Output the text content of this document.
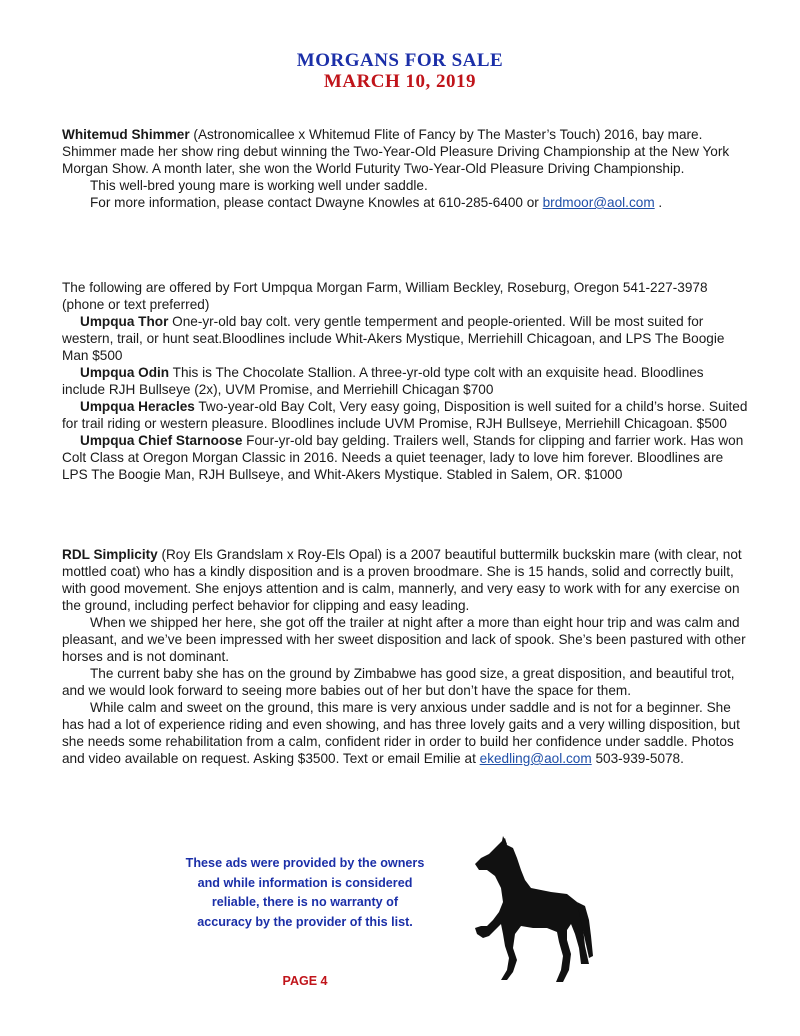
MORGANS FOR SALE
MARCH 10, 2019

Whitemud Shimmer (Astronomicallee x Whitemud Flite of Fancy by The Master’s Touch) 2016, bay mare. Shimmer made her show ring debut winning the Two-Year-Old Pleasure Driving Championship at the New York Morgan Show. A month later, she won the World Futurity Two-Year-Old Pleasure Driving Championship.

This well-bred young mare is working well under saddle.

For more information, please contact Dwayne Knowles at 610-285-6400 or brdmoor@aol.com .

The following are offered by Fort Umpqua Morgan Farm, William Beckley, Roseburg, Oregon 541-227-3978 (phone or text preferred)

Umpqua Thor One-yr-old bay colt. very gentle temperment and people-oriented. Will be most suited for western, trail, or hunt seat.Bloodlines include Whit-Akers Mystique, Merriehill Chicagoan, and LPS The Boogie Man $500

Umpqua Odin This is The Chocolate Stallion. A three-yr-old type colt with an exquisite head. Bloodlines include RJH Bullseye (2x), UVM Promise, and Merriehill Chicagan $700

Umpqua Heracles Two-year-old Bay Colt, Very easy going, Disposition is well suited for a child’s horse. Suited for trail riding or western pleasure. Bloodlines include UVM Promise, RJH Bullseye, Merriehill Chicagoan. $500

Umpqua Chief Starnoose Four-yr-old bay gelding. Trailers well, Stands for clipping and farrier work. Has won Colt Class at Oregon Morgan Classic in 2016. Needs a quiet teenager, lady to love him forever. Bloodlines are LPS The Boogie Man, RJH Bullseye, and Whit-Akers Mystique. Stabled in Salem, OR. $1000

RDL Simplicity (Roy Els Grandslam x Roy-Els Opal) is a 2007 beautiful buttermilk buckskin mare (with clear, not mottled coat) who has a kindly disposition and is a proven broodmare. She is 15 hands, solid and correctly built, with good movement. She enjoys attention and is calm, mannerly, and very easy to work with for any exercise on the ground, including perfect behavior for clipping and easy leading.

When we shipped her here, she got off the trailer at night after a more than eight hour trip and was calm and pleasant, and we’ve been impressed with her sweet disposition and lack of spook. She’s been pastured with other horses and is not dominant.

The current baby she has on the ground by Zimbabwe has good size, a great disposition, and beautiful trot, and we would look forward to seeing more babies out of her but don’t have the space for them.

While calm and sweet on the ground, this mare is very anxious under saddle and is not for a beginner. She has had a lot of experience riding and even showing, and has three lovely gaits and a very willing disposition, but she needs some rehabilitation from a calm, confident rider in order to build her confidence under saddle. Photos and video available on request. Asking $3500. Text or email Emilie at ekedling@aol.com 503-939-5078.

These ads were provided by the owners and while information is considered reliable, there is no warranty of accuracy by the provider of this list.
PAGE 4
